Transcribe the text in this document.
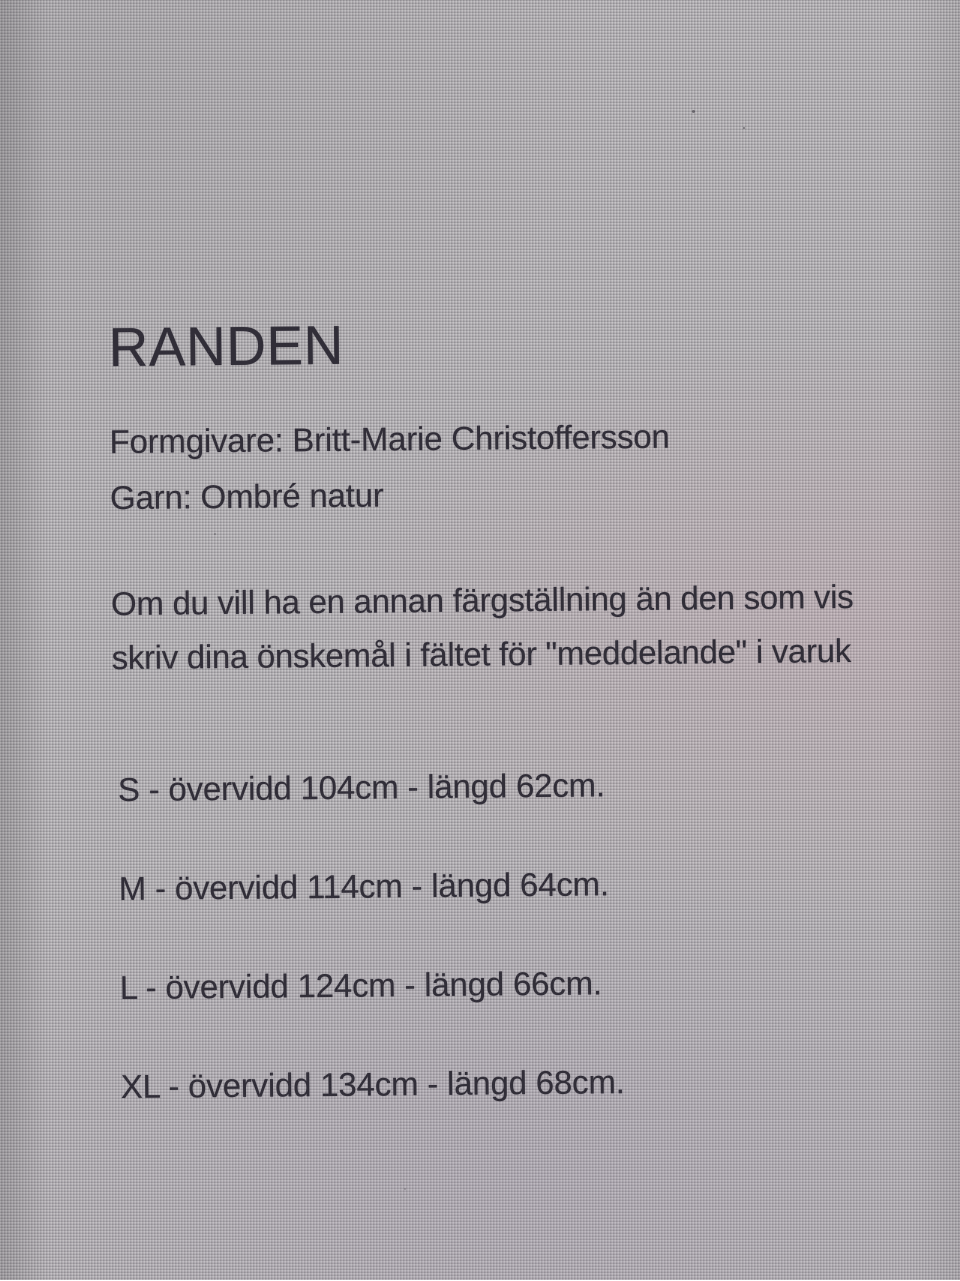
RANDEN

Formgivare: Britt-Marie Christoffersson

Garn: Ombré natur

Om du vill ha en annan färgställning än den som vis

skriv dina önskemål i fältet för "meddelande" i varuk

S - övervidd 104cm - längd 62cm.

M - övervidd 114cm - längd 64cm.

L - övervidd 124cm - längd 66cm.

XL - övervidd 134cm - längd 68cm.
